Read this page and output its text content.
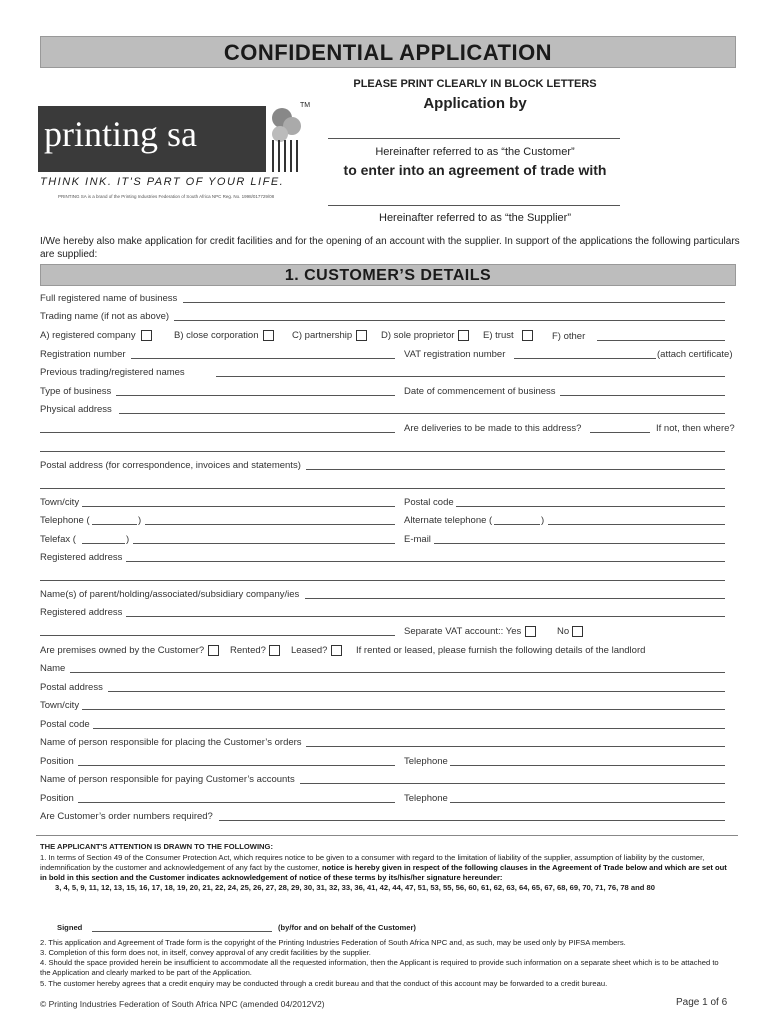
CONFIDENTIAL APPLICATION
printing sa
TM
THINK INK. IT'S PART OF YOUR LIFE.
PRINTING SA is a brand of the Printing Industries Federation of South Africa NPC Reg. No. 1998/017729/08
PLEASE PRINT CLEARLY IN BLOCK LETTERS
Application by
Hereinafter referred to as “the Customer”
to enter into an agreement of trade with
Hereinafter referred to as “the Supplier”
I/We hereby also make application for credit facilities and for the opening of an account with the supplier. In support of the applications the following particulars are supplied:
1. CUSTOMER’S DETAILS
Full registered name of business
Trading name (if not as above)
A) registered company	B) close corporation	C) partnership	D) sole proprietor	E) trust	F) other
Registration number	VAT registration number	(attach certificate)
Previous trading/registered names
Type of business	Date of commencement of business
Physical address
Are deliveries to be made to this address?	If not, then where?
Postal address (for correspondence, invoices and statements)
Town/city	Postal code
Telephone (	)	Alternate telephone (	)
Telefax (	)	E-mail
Registered address
Name(s) of parent/holding/associated/subsidiary company/ies
Registered address
Separate VAT account:: Yes	No
Are premises owned by the Customer?	Rented?	Leased?	If rented or leased, please furnish the following details of the landlord
Name
Postal address
Town/city
Postal code
Name of person responsible for placing the Customer’s orders
Position	Telephone
Name of person responsible for paying Customer’s accounts
Position	Telephone
Are Customer’s order numbers required?
THE APPLICANT'S ATTENTION IS DRAWN TO THE FOLLOWING:
1. In terms of Section 49 of the Consumer Protection Act, which requires notice to be given to a consumer with regard to the limitation of liability of the supplier, assumption of liability by the customer, indemnification by the customer and acknowledgement of any fact by the customer, notice is hereby given in respect of the following clauses in the Agreement of Trade below and which are set out in bold in this section and the Customer indicates acknowledgement of notice of these terms by its/his/her signature hereunder:
3, 4, 5, 9, 11, 12, 13, 15, 16, 17, 18, 19, 20, 21, 22, 24, 25, 26, 27, 28, 29, 30, 31, 32, 33, 36, 41, 42, 44, 47, 51, 53, 55, 56, 60, 61, 62, 63, 64, 65, 67, 68, 69, 70, 71, 76, 78 and 80
Signed	(by/for and on behalf of the Customer)
2. This application and Agreement of Trade form is the copyright of the Printing Industries Federation of South Africa NPC and, as such, may be used only by PIFSA members.
3. Completion of this form does not, in itself, convey approval of any credit facilities by the supplier.
4. Should the space provided herein be insufficient to accommodate all the requested information, then the Applicant is required to provide such information on a separate sheet which is to be attached to the Application and clearly marked to be part of the Application.
5. The customer hereby agrees that a credit enquiry may be conducted through a credit bureau and that the conduct of this account may be forwarded to a credit bureau.
© Printing Industries Federation of South Africa NPC (amended 04/2012V2)	Page 1 of 6
